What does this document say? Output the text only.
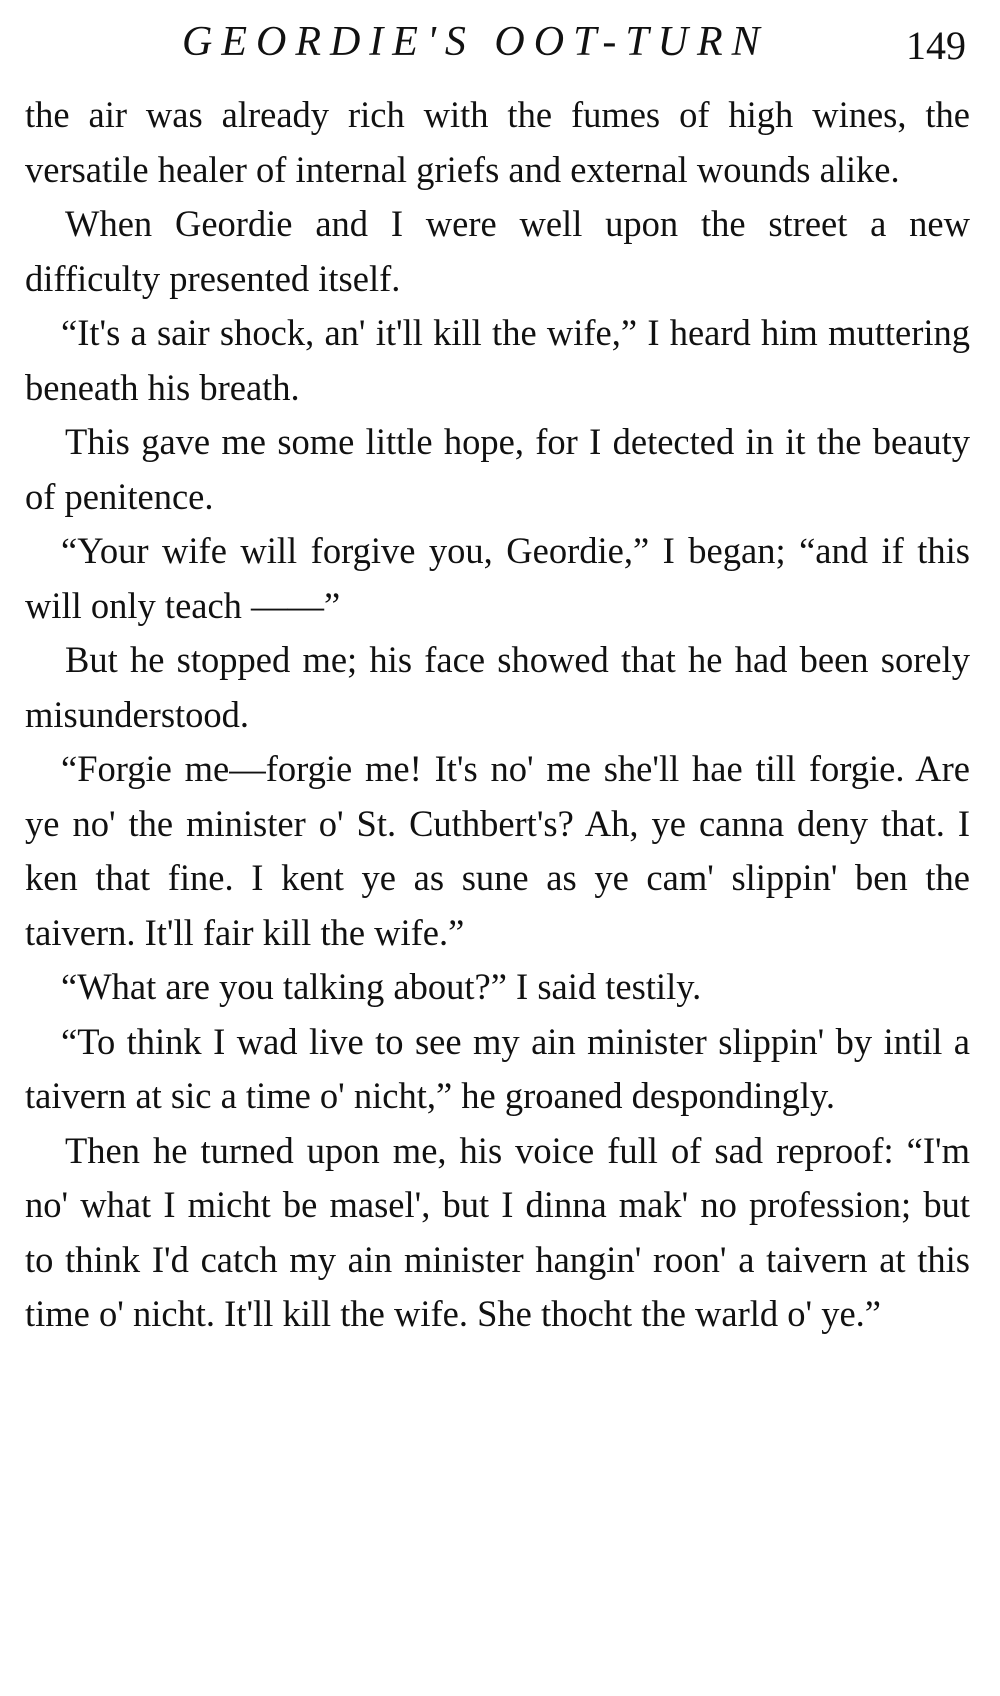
GEORDIE'S OOT-TURN	149

the air was already rich with the fumes of high wines, the versatile healer of internal griefs and external wounds alike.

When Geordie and I were well upon the street a new difficulty presented itself.

“It's a sair shock, an' it'll kill the wife,” I heard him muttering beneath his breath.

This gave me some little hope, for I detected in it the beauty of penitence.

“Your wife will forgive you, Geordie,” I began; “and if this will only teach ——”

But he stopped me; his face showed that he had been sorely misunderstood.

“Forgie me—forgie me! It's no' me she'll hae till forgie. Are ye no' the minister o' St. Cuthbert's? Ah, ye canna deny that. I ken that fine. I kent ye as sune as ye cam' slippin' ben the taivern. It'll fair kill the wife.”

“What are you talking about?” I said testily.

“To think I wad live to see my ain minister slippin' by intil a taivern at sic a time o' nicht,” he groaned despondingly.

Then he turned upon me, his voice full of sad reproof: “I'm no' what I micht be masel', but I dinna mak' no profession; but to think I'd catch my ain minister hangin' roon' a taivern at this time o' nicht. It'll kill the wife. She thocht the warld o' ye.”
